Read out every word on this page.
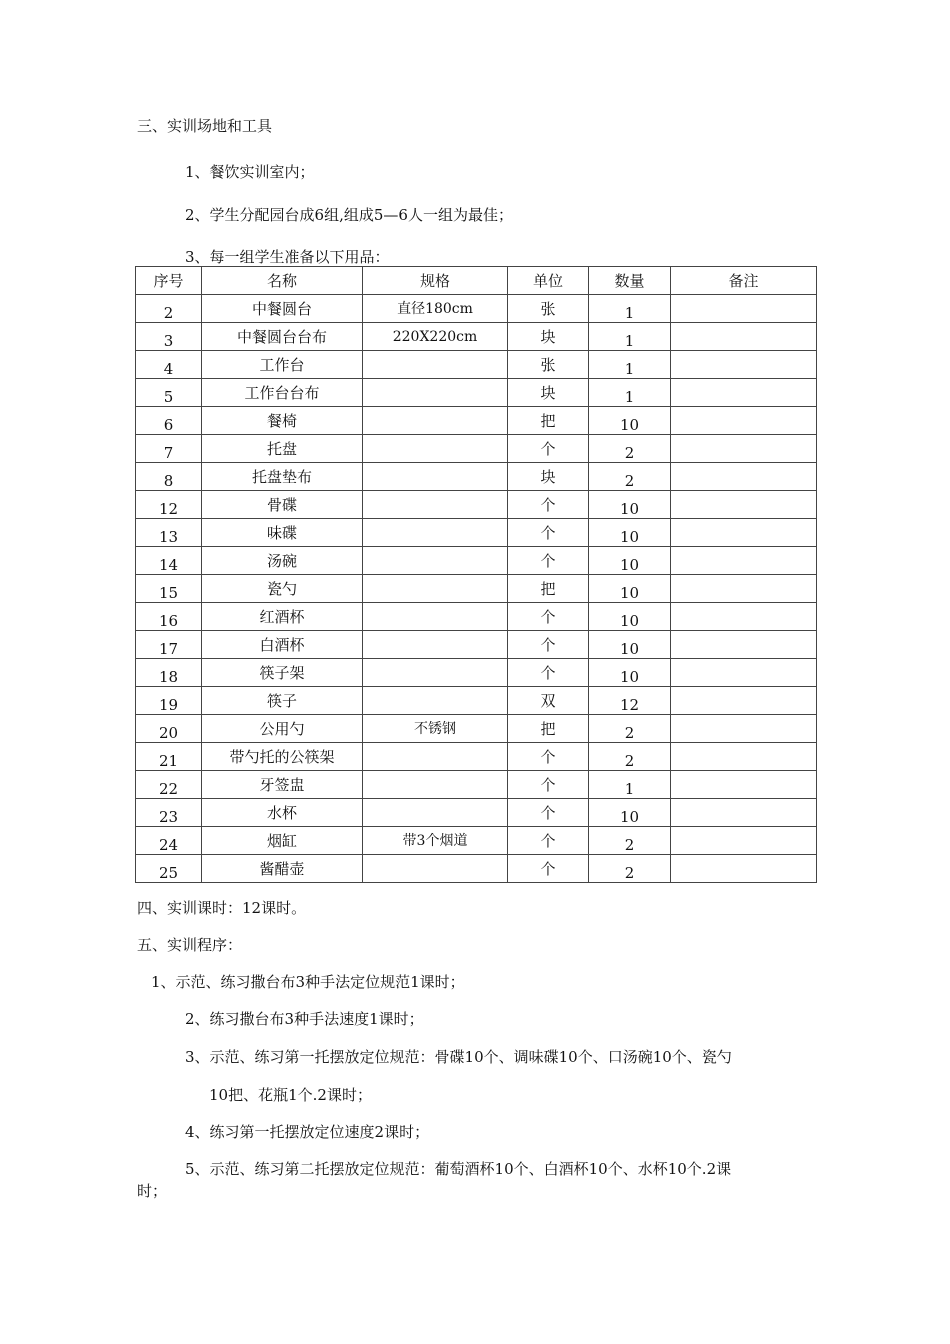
三、实训场地和工具
1、餐饮实训室内；
2、学生分配园台成6组,组成5—6人一组为最佳；
3、每一组学生准备以下用品：
序号	名称	规格	单位	数量	备注
2	中餐圆台	直径180cm	张	1	
3	中餐圆台台布	220X220cm	块	1	
4	工作台		张	1	
5	工作台台布		块	1	
6	餐椅		把	10	
7	托盘		个	2	
8	托盘垫布		块	2	
12	骨碟		个	10	
13	味碟		个	10	
14	汤碗		个	10	
15	瓷勺		把	10	
16	红酒杯		个	10	
17	白酒杯		个	10	
18	筷子架		个	10	
19	筷子		双	12	
20	公用勺	不锈钢	把	2	
21	带勺托的公筷架		个	2	
22	牙签盅		个	1	
23	水杯		个	10	
24	烟缸	带3个烟道	个	2	
25	酱醋壶		个	2	
四、实训课时：12课时。
五、实训程序：
1、示范、练习撒台布3种手法定位规范1课时；
2、练习撒台布3种手法速度1课时；
3、示范、练习第一托摆放定位规范：骨碟10个、调味碟10个、口汤碗10个、瓷勺
10把、花瓶1个.2课时；
4、练习第一托摆放定位速度2课时；
5、示范、练习第二托摆放定位规范：葡萄酒杯10个、白酒杯10个、水杯10个.2课
时；
